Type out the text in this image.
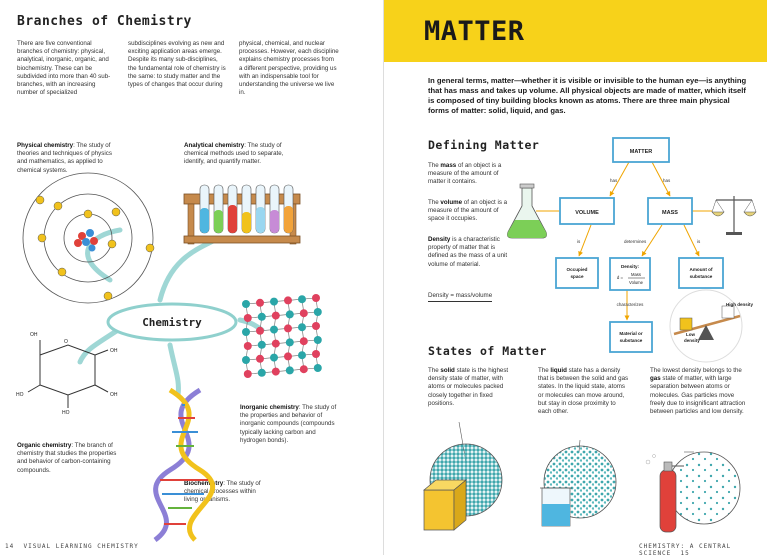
Branches of Chemistry
There are five conventional branches of chemistry: physical, analytical, inorganic, organic, and biochemistry. These can be subdivided into more than 40 sub-branches, with an increasing number of specialized
subdisciplines evolving as new and exciting application areas emerge. Despite its many sub-disciplines, the fundamental role of chemistry is the same: to study matter and the types of changes that occur during
physical, chemical, and nuclear processes. However, each discipline explains chemistry processes from a different perspective, providing us with an indispensable tool for understanding the universe we live in.
Physical chemistry: The study of theories and techniques of physics and mathematics, as applied to chemical systems.
Analytical chemistry: The study of chemical methods used to separate, identify, and quantify matter.
Organic chemistry: The branch of chemistry that studies the properties and behavior of carbon-containing compounds.
Inorganic chemistry: The study of the properties and behavior of inorganic compounds (compounds typically lacking carbon and hydrogen bonds).
Biochemistry: The study of chemical processes within living organisms.
Chemistry
OH
O
OH
HO	OH
HO
14 VISUAL LEARNING CHEMISTRY
MATTER
In general terms, matter—whether it is visible or invisible to the human eye—is anything that has mass and takes up volume. All physical objects are made of matter, which itself is composed of tiny building blocks known as atoms. There are three main physical forms of matter: solid, liquid, and gas.
Defining Matter
The mass of an object is a measure of the amount of matter it contains.
The volume of an object is a measure of the amount of space it occupies.
Density is a characteristic property of matter that is defined as the mass of a unit volume of material.
Density = mass/volume
MATTER
has	has
VOLUME	MASS
is	determines	is
Occupied
space
Density:
d =
Mass
Volume
Amount of
substance
characterizes
Material or
substance
High density
Low
density
States of Matter
The solid state is the highest density state of matter, with atoms or molecules packed closely together in fixed positions.
The liquid state has a density that is between the solid and gas states. In the liquid state, atoms or molecules can move around, but stay in close proximity to each other.
The lowest density belongs to the gas state of matter, with large separation between atoms or molecules. Gas particles move freely due to insignificant attraction between particles and low density.
CHEMISTRY: A CENTRAL SCIENCE 15
